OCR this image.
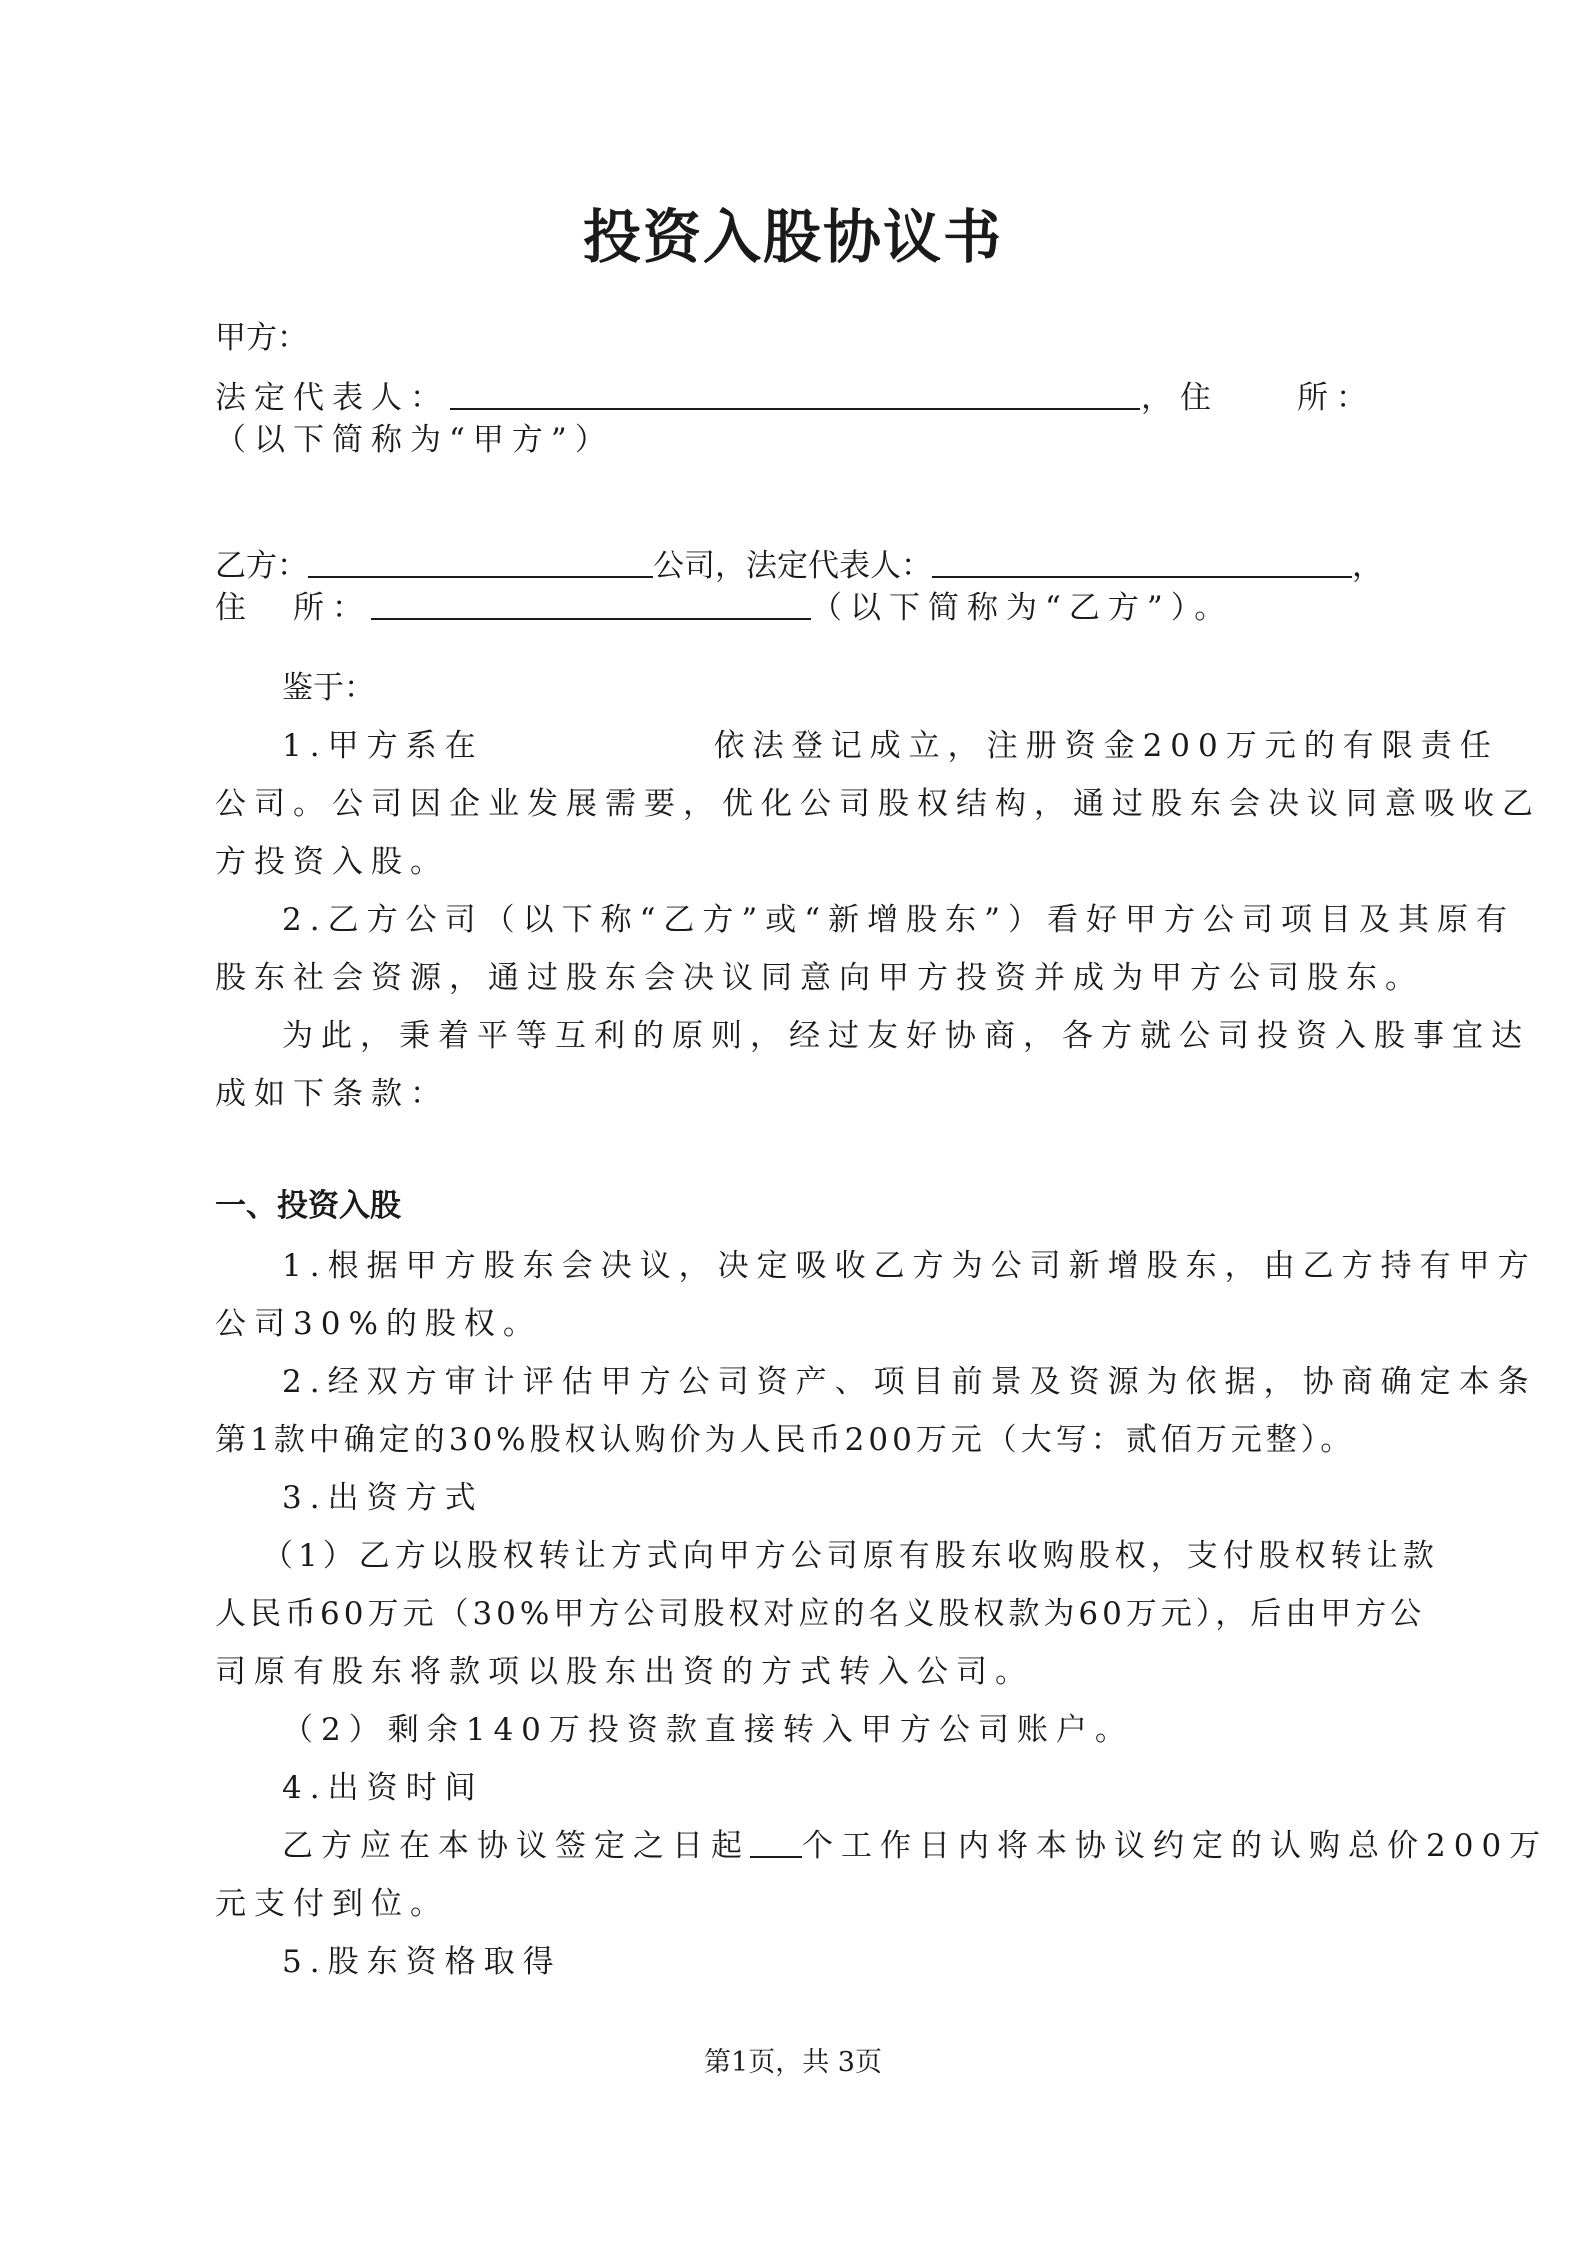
投资入股协议书
甲方：
法定代表人：	，住　　所：
（以下简称为“甲方”）
乙方：	公司，法定代表人：	，
住　所：	（以下简称为“乙方”）。
鉴于：
1.甲方系在	依法登记成立，注册资金200万元的有限责任
公司。公司因企业发展需要，优化公司股权结构，通过股东会决议同意吸收乙
方投资入股。
2.乙方公司（以下称“乙方”或“新增股东”）看好甲方公司项目及其原有
股东社会资源，通过股东会决议同意向甲方投资并成为甲方公司股东。
为此，秉着平等互利的原则，经过友好协商，各方就公司投资入股事宜达
成如下条款：
一、投资入股
1.根据甲方股东会决议，决定吸收乙方为公司新增股东，由乙方持有甲方
公司30%的股权。
2.经双方审计评估甲方公司资产、项目前景及资源为依据，协商确定本条
第1款中确定的30%股权认购价为人民币200万元（大写：贰佰万元整）。
3.出资方式
（1）乙方以股权转让方式向甲方公司原有股东收购股权，支付股权转让款
人民币60万元（30%甲方公司股权对应的名义股权款为60万元），后由甲方公
司原有股东将款项以股东出资的方式转入公司。
（2）剩余140万投资款直接转入甲方公司账户。
4.出资时间
乙方应在本协议签定之日起 个工作日内将本协议约定的认购总价200万
元支付到位。
5.股东资格取得
第1页，共 3页
